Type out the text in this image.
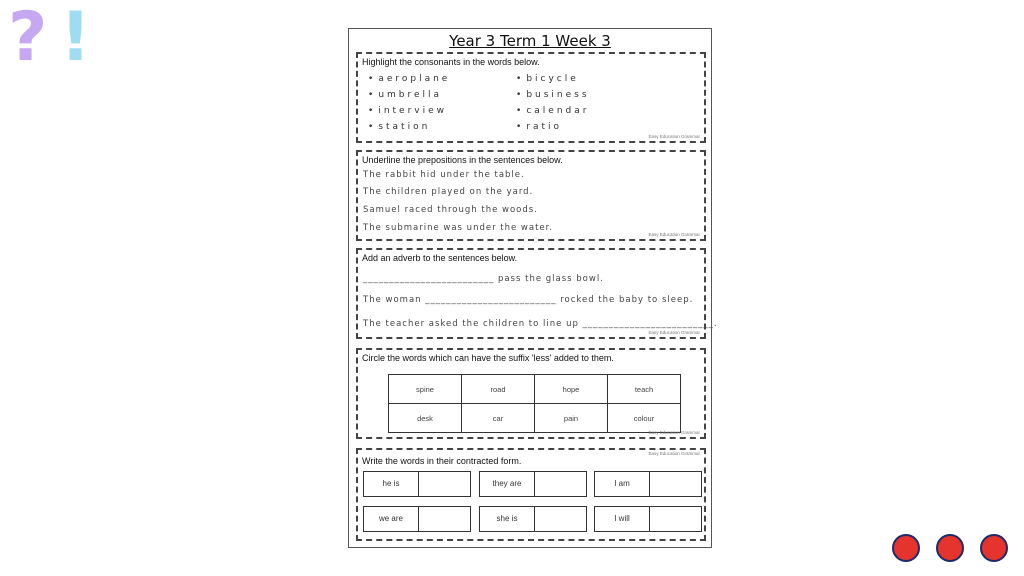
? !	Year 3 Term 1 Week 3
Highlight the consonants in the words below.
• aeroplane
• umbrella
• interview
• station
• bicycle
• business
• calendar
• ratio
Easy Education Grammar
Underline the prepositions in the sentences below.
The rabbit hid under the table.
The children played on the yard.
Samuel raced through the woods.
The submarine was under the water.
Easy Education Grammar
Add an adverb to the sentences below.
_________________________ pass the glass bowl.
The woman _________________________ rocked the baby to sleep.
The teacher asked the children to line up _________________________.
Easy Education Grammar
Circle the words which can have the suffix 'less' added to them.
spine	road	hope	teach
desk	car	pain	colour
Easy Education Grammar
Easy Education Grammar
Write the words in their contracted form.
he is	they are	I am
we are	she is	I will
